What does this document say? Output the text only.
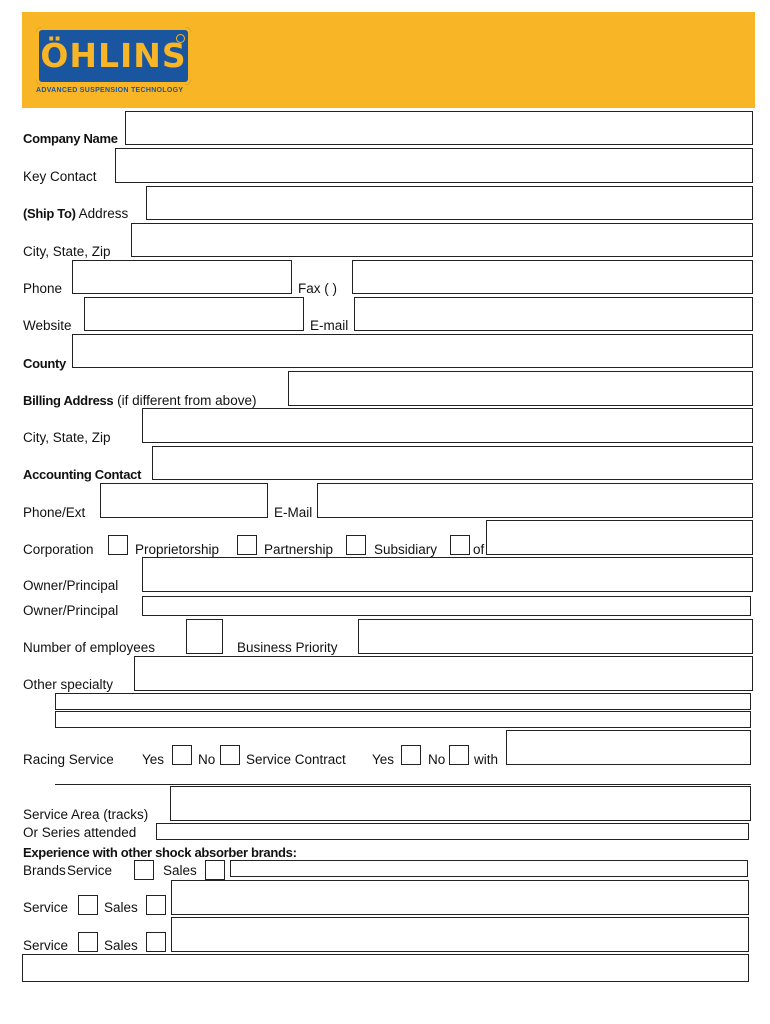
ÖHLINS
ADVANCED SUSPENSION TECHNOLOGY
Company Name
Key Contact
(Ship To) Address
City, State, Zip
Phone	Fax ( )
Website	E-mail
County
Billing Address (if different from above)
City, State, Zip
Accounting Contact
Phone/Ext	E-Mail
Corporation	Proprietorship	Partnership	Subsidiary	of
Owner/Principal
Owner/Principal
Number of employees	Business Priority
Other specialty
Racing Service Yes	No Service Contract Yes	No with
Service Area (tracks)
Or Series attended
Experience with other shock absorber brands:
Brands Service	Sales
Service	Sales
Service	Sales
